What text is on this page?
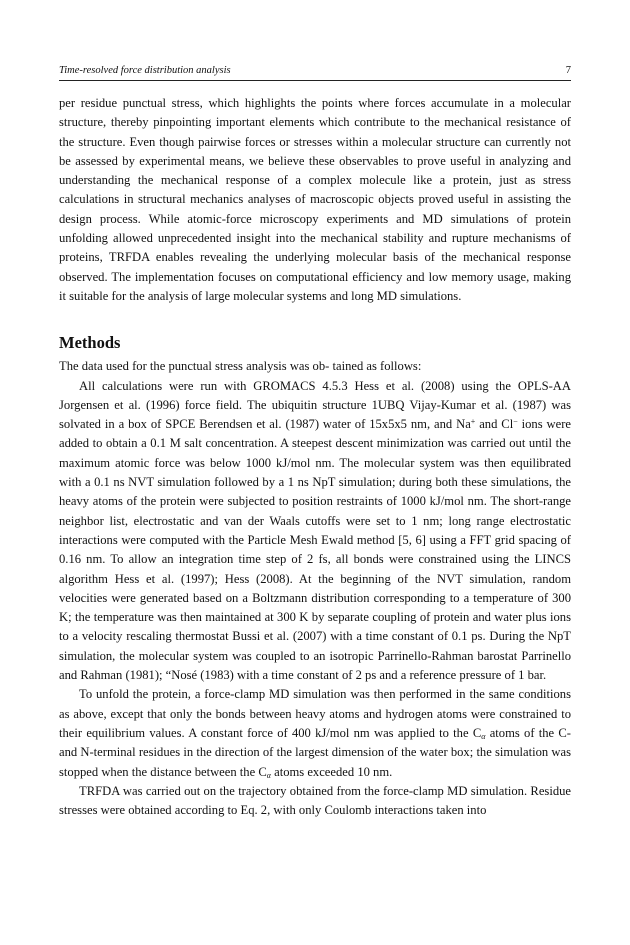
Time-resolved force distribution analysis	7

per residue punctual stress, which highlights the points where forces accumulate in a molecular structure, thereby pinpointing important elements which contribute to the mechanical resistance of the structure. Even though pairwise forces or stresses within a molecular structure can currently not be assessed by experimental means, we believe these observables to prove useful in analyzing and understanding the mechanical response of a complex molecule like a protein, just as stress calculations in structural mechanics analyses of macroscopic objects proved useful in assisting the design process. While atomic-force microscopy experiments and MD simulations of protein unfolding allowed unprecedented insight into the mechanical stability and rupture mechanisms of proteins, TRFDA enables revealing the underlying molecular basis of the mechanical response observed. The implementation focuses on computational efficiency and low memory usage, making it suitable for the analysis of large molecular systems and long MD simulations.

Methods

The data used for the punctual stress analysis was ob- tained as follows:

All calculations were run with GROMACS 4.5.3 Hess et al. (2008) using the OPLS-AA Jorgensen et al. (1996) force field. The ubiquitin structure 1UBQ Vijay-Kumar et al. (1987) was solvated in a box of SPCE Berendsen et al. (1987) water of 15x5x5 nm, and Na+ and Cl− ions were added to obtain a 0.1 M salt concentration. A steepest descent minimization was carried out until the maximum atomic force was below 1000 kJ/mol nm. The molecular system was then equilibrated with a 0.1 ns NVT simulation followed by a 1 ns NpT simulation; during both these simulations, the heavy atoms of the protein were subjected to position restraints of 1000 kJ/mol nm. The short-range neighbor list, electrostatic and van der Waals cutoffs were set to 1 nm; long range electrostatic interactions were computed with the Particle Mesh Ewald method [5, 6] using a FFT grid spacing of 0.16 nm. To allow an integration time step of 2 fs, all bonds were constrained using the LINCS algorithm Hess et al. (1997); Hess (2008). At the beginning of the NVT simulation, random velocities were generated based on a Boltzmann distribution corresponding to a temperature of 300 K; the temperature was then maintained at 300 K by separate coupling of protein and water plus ions to a velocity rescaling thermostat Bussi et al. (2007) with a time constant of 0.1 ps. During the NpT simulation, the molecular system was coupled to an isotropic Parrinello-Rahman barostat Parrinello and Rahman (1981); “Nosé (1983) with a time constant of 2 ps and a reference pressure of 1 bar.

To unfold the protein, a force-clamp MD simulation was then performed in the same conditions as above, except that only the bonds between heavy atoms and hydrogen atoms were constrained to their equilibrium values. A constant force of 400 kJ/mol nm was applied to the $C_\alpha$ atoms of the C- and N-terminal residues in the direction of the largest dimension of the water box; the simulation was stopped when the distance between the $C_\alpha$ atoms exceeded 10 nm.

TRFDA was carried out on the trajectory obtained from the force-clamp MD simulation. Residue stresses were obtained according to Eq. 2, with only Coulomb interactions taken into
